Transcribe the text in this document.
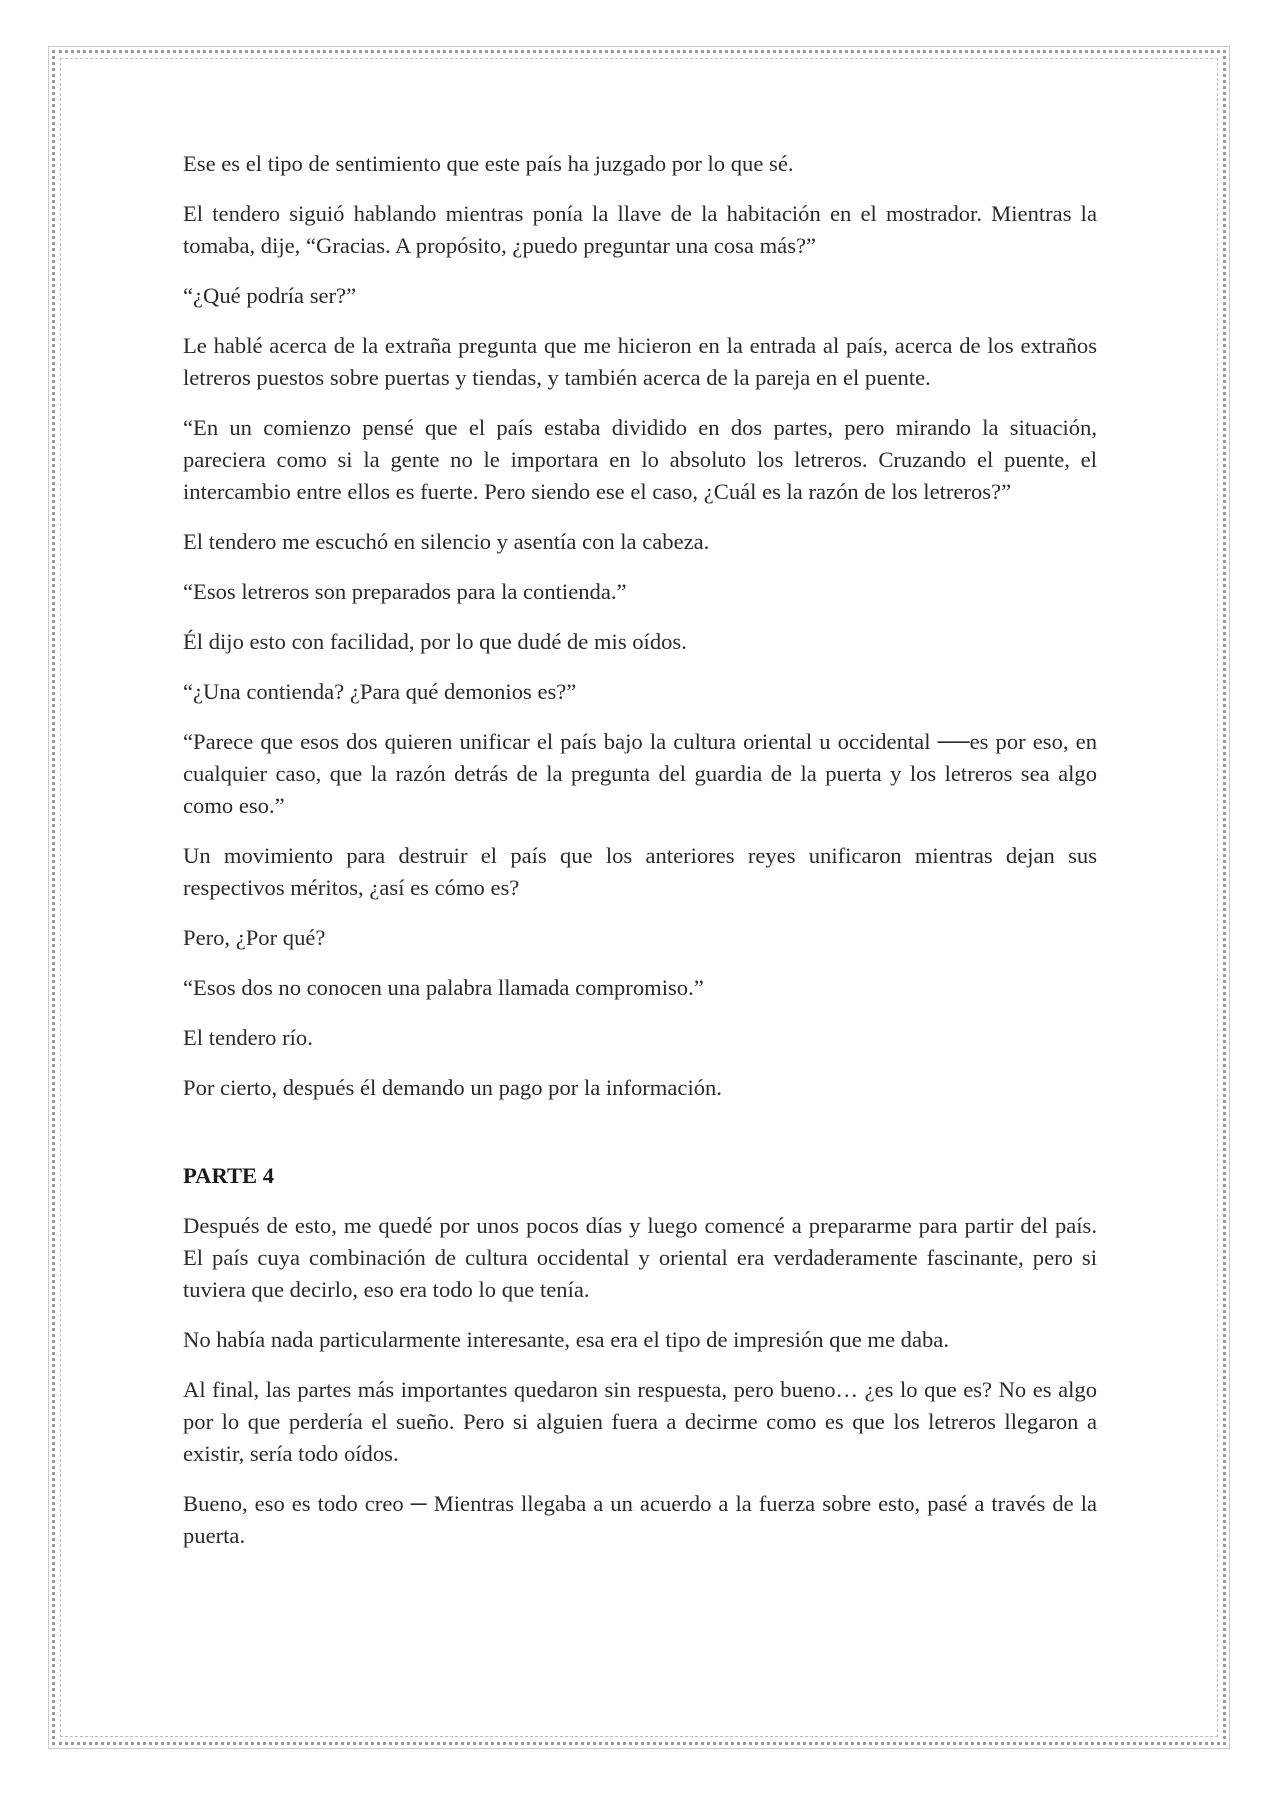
Ese es el tipo de sentimiento que este país ha juzgado por lo que sé.

El tendero siguió hablando mientras ponía la llave de la habitación en el mostrador. Mientras la tomaba, dije, “Gracias. A propósito, ¿puedo preguntar una cosa más?”

“¿Qué podría ser?”

Le hablé acerca de la extraña pregunta que me hicieron en la entrada al país, acerca de los extraños letreros puestos sobre puertas y tiendas, y también acerca de la pareja en el puente.

“En un comienzo pensé que el país estaba dividido en dos partes, pero mirando la situación, pareciera como si la gente no le importara en lo absoluto los letreros. Cruzando el puente, el intercambio entre ellos es fuerte. Pero siendo ese el caso, ¿Cuál es la razón de los letreros?”

El tendero me escuchó en silencio y asentía con la cabeza.

“Esos letreros son preparados para la contienda.”

Él dijo esto con facilidad, por lo que dudé de mis oídos.

“¿Una contienda? ¿Para qué demonios es?”

“Parece que esos dos quieren unificar el país bajo la cultura oriental u occidental ──es por eso, en cualquier caso, que la razón detrás de la pregunta del guardia de la puerta y los letreros sea algo como eso.”

Un movimiento para destruir el país que los anteriores reyes unificaron mientras dejan sus respectivos méritos, ¿así es cómo es?

Pero, ¿Por qué?

“Esos dos no conocen una palabra llamada compromiso.”

El tendero río.

Por cierto, después él demando un pago por la información.

PARTE 4

Después de esto, me quedé por unos pocos días y luego comencé a prepararme para partir del país. El país cuya combinación de cultura occidental y oriental era verdaderamente fascinante, pero si tuviera que decirlo, eso era todo lo que tenía.

No había nada particularmente interesante, esa era el tipo de impresión que me daba.

Al final, las partes más importantes quedaron sin respuesta, pero bueno… ¿es lo que es? No es algo por lo que perdería el sueño. Pero si alguien fuera a decirme como es que los letreros llegaron a existir, sería todo oídos.

Bueno, eso es todo creo ─ Mientras llegaba a un acuerdo a la fuerza sobre esto, pasé a través de la puerta.
